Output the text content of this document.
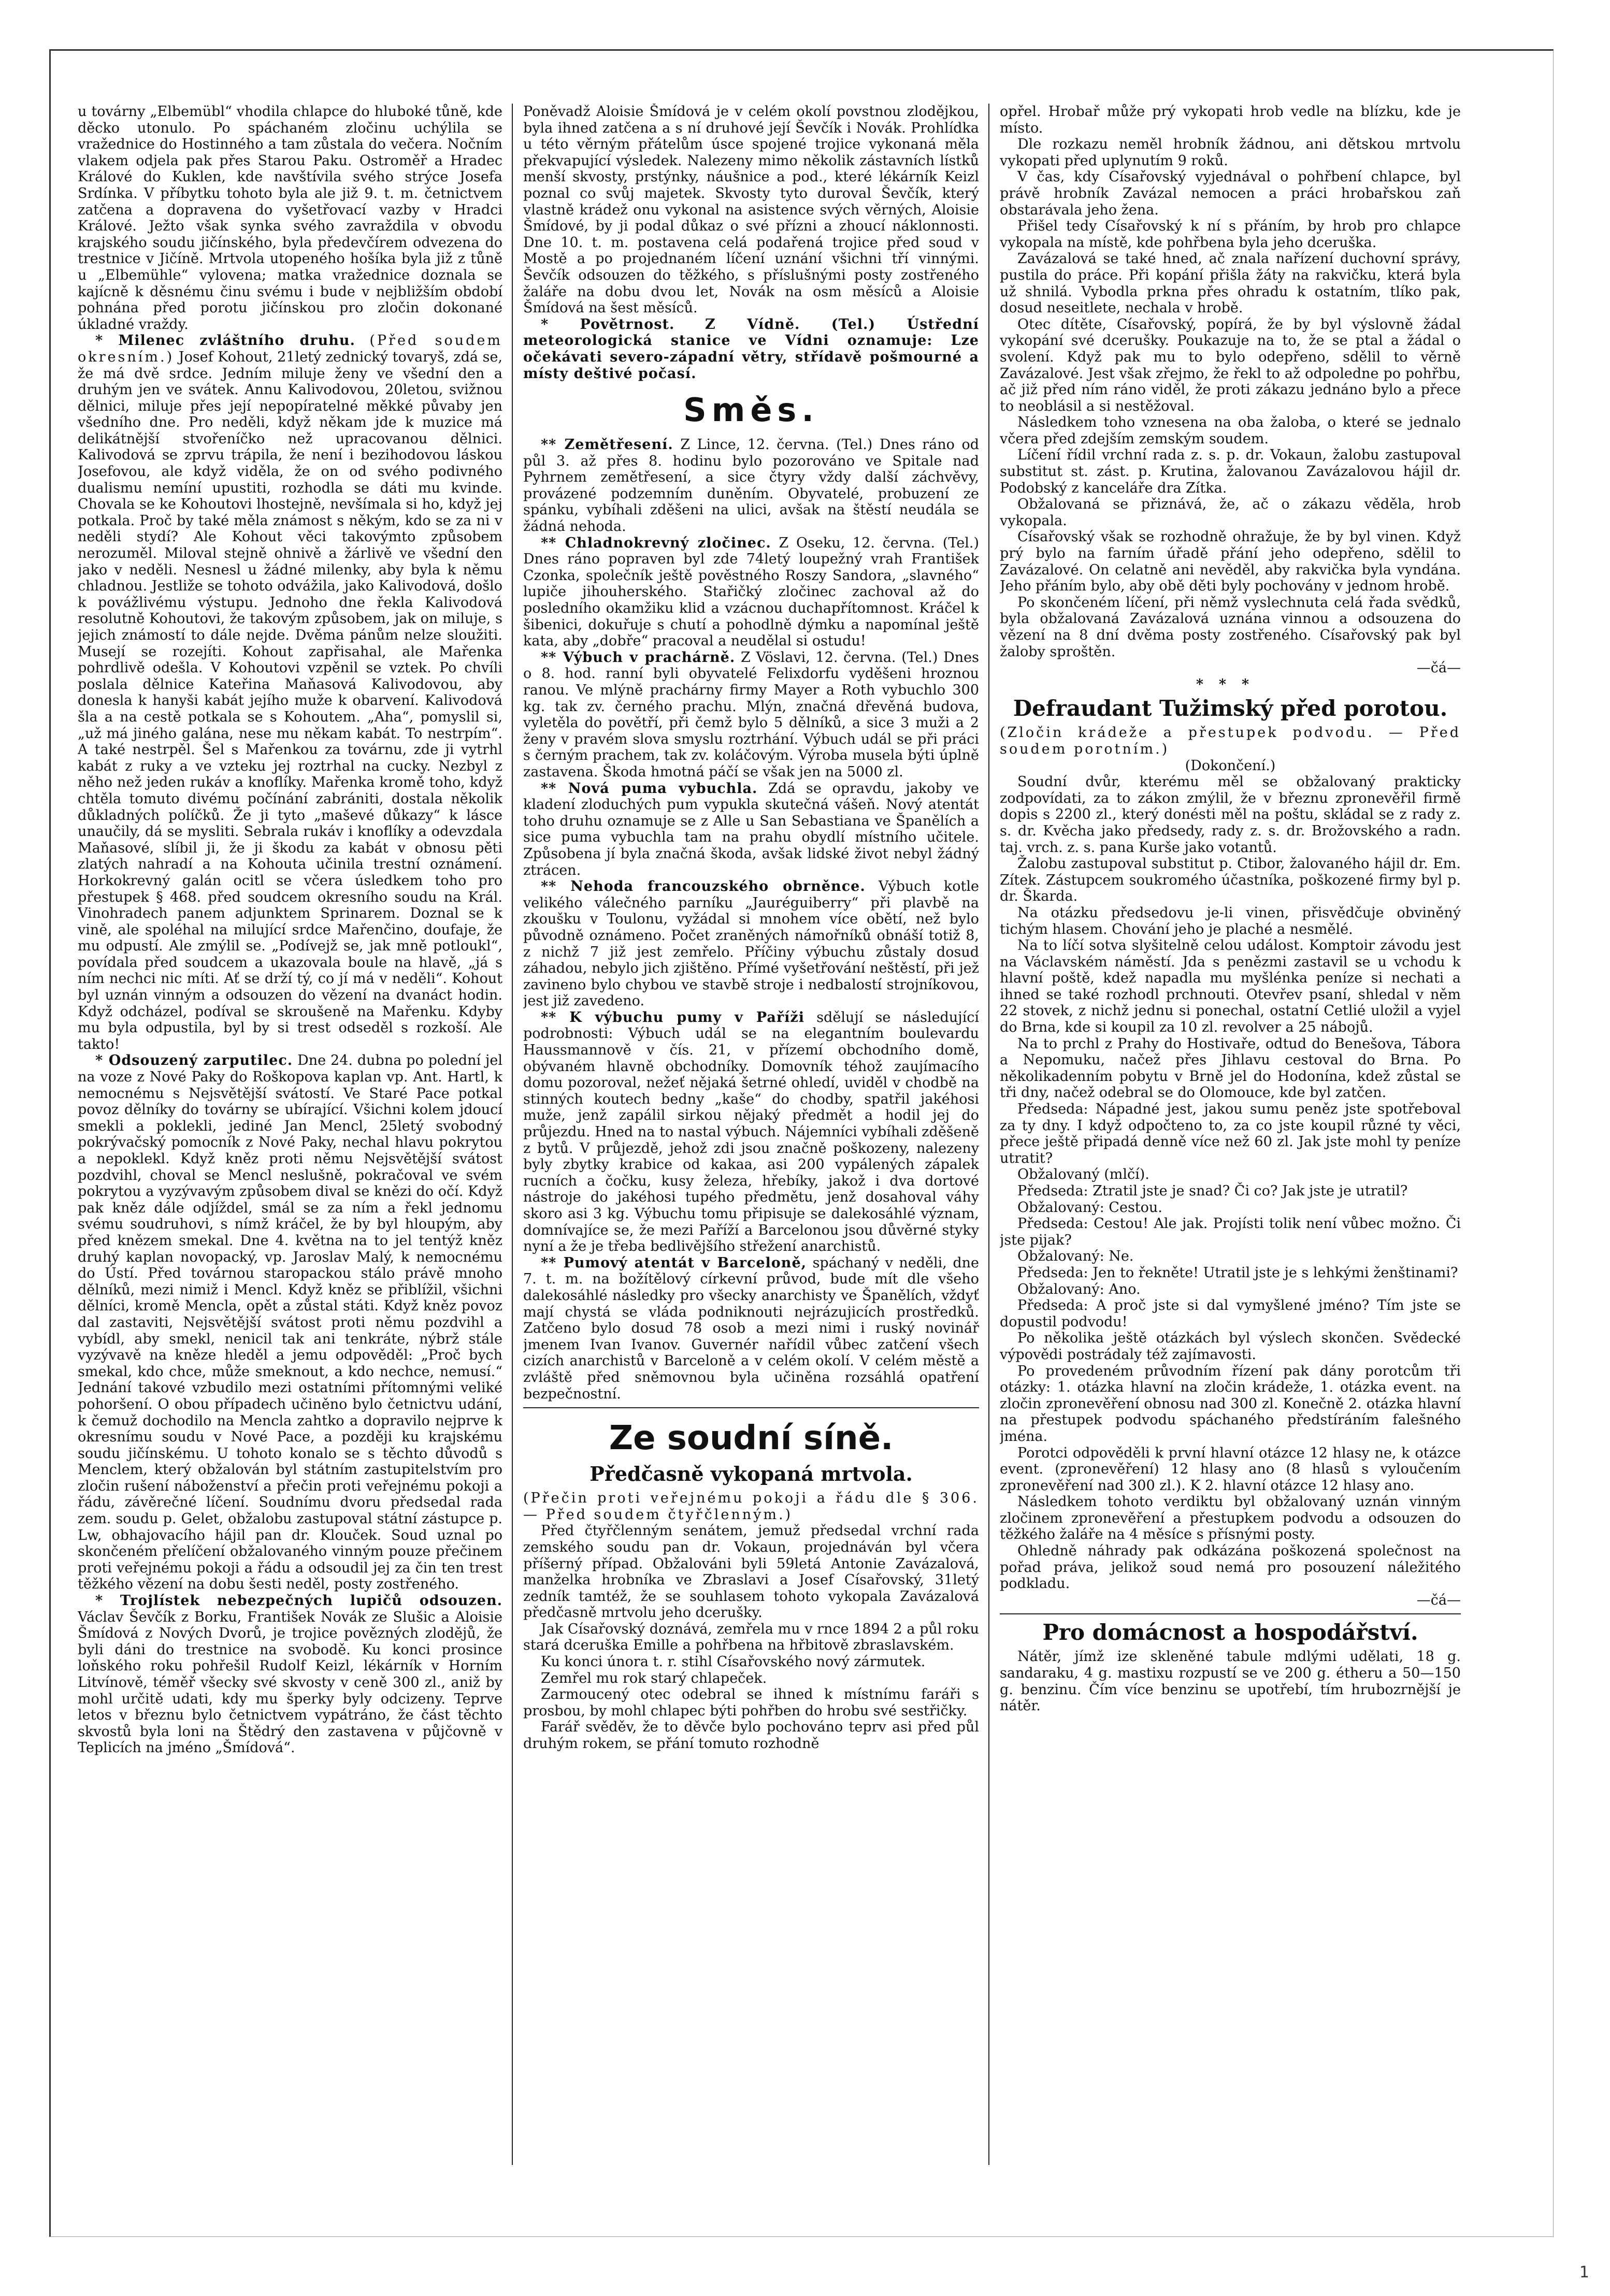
u továrny „Elbemübl“ vhodila chlapce do hluboké tůně, kde děcko utonulo. Po spáchaném zločinu uchýlila se vražednice do Hostinného a tam zůstala do večera. Nočním vlakem odjela pak přes Starou Paku. Ostroměř a Hradec Králové do Kuklen, kde navštívila svého strýce Josefa Srdínka. V příbytku tohoto byla ale již 9. t. m. četnictvem zatčena a dopravena do vyšetřovací vazby v Hradci Králové. Ježto však synka svého zavraždila v obvodu krajského soudu jičínského, byla předevčírem odvezena do trestnice v Jičíně. Mrtvola utopeného hošíka byla již z tůně u „Elbemühle“ vylovena; matka vražednice doznala se kajícně k děsnému činu svému i bude v nejbližším období pohnána před porotu jičínskou pro zločin dokonané úkladné vraždy.

* Milenec zvláštního druhu. (Před soudem okresním.) Josef Kohout, 21letý zednický tovaryš, zdá se, že má dvě srdce. Jedním miluje ženy ve všední den a druhým jen ve svátek. Annu Kalivodovou, 20letou, svižnou dělnici, miluje přes její nepopíratelné měkké půvaby jen všedního dne. Pro neděli, když někam jde k muzice má delikátnější stvořeníčko než upracovanou dělnici. Kalivodová se zprvu trápila, že není i bezihodovou láskou Josefovou, ale když viděla, že on od svého podivného dualismu nemíní upustiti, rozhodla se dáti mu kvinde. Chovala se ke Kohoutovi lhostejně, nevšímala si ho, když jej potkala. Proč by také měla známost s někým, kdo se za ni v neděli stydí? Ale Kohout věci takovýmto způsobem nerozuměl. Miloval stejně ohnivě a žárlivě ve všední den jako v neděli. Nesnesl u žádné milenky, aby byla k němu chladnou. Jestliže se tohoto odvážila, jako Kalivodová, došlo k povážlivému výstupu. Jednoho dne řekla Kalivodová resolutně Kohoutovi, že takovým způsobem, jak on miluje, s jejich známostí to dále nejde. Dvěma pánům nelze sloužiti. Musejí se rozejíti. Kohout zapřisahal, ale Mařenka pohrdlivě odešla. V Kohoutovi vzpěnil se vztek. Po chvíli poslala dělnice Kateřina Maňasová Kalivodovou, aby donesla k hanyši kabát jejího muže k obarvení. Kalivodová šla a na cestě potkala se s Kohoutem. „Aha“, pomyslil si, „už má jiného galána, nese mu někam kabát. To nestrpím“. A také nestrpěl. Šel s Mařenkou za továrnu, zde ji vytrhl kabát z ruky a ve vzteku jej roztrhal na cucky. Nezbyl z něho než jeden rukáv a knoflíky. Mařenka kromě toho, když chtěla tomuto divému počínání zabrániti, dostala několik důkladných políčků. Že ji tyto „maševé důkazy“ k lásce unaučily, dá se mysliti. Sebrala rukáv i knoflíky a odevzdala Maňasové, slíbil ji, že ji škodu za kabát v obnosu pěti zlatých nahradí a na Kohouta učinila trestní oznámení. Horkokrevný galán ocitl se včera úsledkem toho pro přestupek § 468. před soudcem okresního soudu na Král. Vinohradech panem adjunktem Sprinarem. Doznal se k vině, ale spoléhal na milující srdce Mařenčino, doufaje, že mu odpustí. Ale zmýlil se. „Podívejž se, jak mně potloukl“, povídala před soudcem a ukazovala boule na hlavě, „já s ním nechci nic míti. Ať se drží tý, co jí má v neděli“. Kohout byl uznán vinným a odsouzen do vězení na dvanáct hodin. Když odcházel, podíval se skroušeně na Mařenku. Kdyby mu byla odpustila, byl by si trest odseděl s rozkoší. Ale takto!

* Odsouzený zarputilec. Dne 24. dubna po polední jel na voze z Nové Paky do Roškopova kaplan vp. Ant. Hartl, k nemocnému s Nejsvětější svátostí. Ve Staré Pace potkal povoz dělníky do továrny se ubírající. Všichni kolem jdoucí smekli a poklekli, jediné Jan Mencl, 25letý svobodný pokrývačský pomocník z Nové Paky, nechal hlavu pokrytou a nepoklekl. Když kněz proti němu Nejsvětější svátost pozdvihl, choval se Mencl neslušně, pokračoval ve svém pokrytou a vyzývavým způsobem dival se knězi do očí. Když pak kněz dále odjíždel, smál se za ním a řekl jednomu svému soudruhovi, s nímž kráčel, že by byl hloupým, aby před knězem smekal. Dne 4. května na to jel tentýž kněz druhý kaplan novopacký, vp. Jaroslav Malý, k nemocnému do Ústí. Před továrnou staropackou stálo právě mnoho dělníků, mezi nimiž i Mencl. Když kněz se přiblížil, všichni dělníci, kromě Mencla, opět a zůstal státi. Když kněz povoz dal zastaviti, Nejsvětější svátost proti němu pozdvihl a vybídl, aby smekl, nenicil tak ani tenkráte, nýbrž stále vyzývavě na kněze hleděl a jemu odpověděl: „Proč bych smekal, kdo chce, může smeknout, a kdo nechce, nemusí.“ Jednání takové vzbudilo mezi ostatními přítomnými veliké pohoršení. O obou případech učiněno bylo četnictvu udání, k čemuž dochodilo na Mencla zahtko a dopravilo nejprve k okresnímu soudu v Nové Pace, a později ku krajskému soudu jičínskému. U tohoto konalo se s těchto důvodů s Menclem, který obžalován byl státním zastupitelstvím pro zločin rušení náboženství a přečin proti veřejnému pokoji a řádu, závěrečné líčení. Soudnímu dvoru předsedal rada zem. soudu p. Gelet, obžalobu zastupoval státní zástupce p. Lw, obhajovacího hájil pan dr. Klouček. Soud uznal po skončeném přelíčení obžalovaného vinným pouze přečinem proti veřejnému pokoji a řádu a odsoudil jej za čin ten trest těžkého vězení na dobu šesti neděl, posty zostřeného.

* Trojlístek nebezpečných lupičů odsouzen. Václav Ševčík z Borku, František Novák ze Slušic a Aloisie Šmídová z Nových Dvorů, je trojice povězných zlodějů, že byli dáni do trestnice na svobodě. Ku konci prosince loňského roku pohřešil Rudolf Keizl, lékárník v Horním Litvínově, téměř všecky své skvosty v ceně 300 zl., aniž by mohl určitě udati, kdy mu šperky byly odcizeny. Teprve letos v březnu bylo četnictvem vypátráno, že část těchto skvostů byla loni na Štědrý den zastavena v půjčovně v Teplicích na jméno „Šmídová“.

Poněvadž Aloisie Šmídová je v celém okolí povstnou zlodějkou, byla ihned zatčena a s ní druhové její Ševčík i Novák. Prohlídka u této věrným přátelům úsce spojené trojice vykonaná měla překvapující výsledek. Nalezeny mimo několik zástavních lístků menší skvosty, prstýnky, náušnice a pod., které lékárník Keizl poznal co svůj majetek. Skvosty tyto duroval Ševčík, který vlastně krádež onu vykonal na asistence svých věrných, Aloisie Šmídové, by ji podal důkaz o své přízni a zhoucí náklonnosti. Dne 10. t. m. postavena celá podařená trojice před soud v Mostě a po projednaném líčení uznání všichni tří vinnými. Ševčík odsouzen do těžkého, s příslušnými posty zostřeného žaláře na dobu dvou let, Novák na osm měsíců a Aloisie Šmídová na šest měsíců.

* Povětrnost. Z Vídně. (Tel.) Ústřední meteorologická stanice ve Vídni oznamuje: Lze očekávati severo-západní větry, střídavě pošmourné a místy deštivé počasí.

Směs.

** Zemětřesení. Z Lince, 12. června. (Tel.) Dnes ráno od půl 3. až přes 8. hodinu bylo pozorováno ve Spitale nad Pyhrnem zemětřesení, a sice čtyry vždy další záchvěvy, provázené podzemním duněním. Obyvatelé, probuzení ze spánku, vybíhali zděšeni na ulici, avšak na štěstí neudála se žádná nehoda.

** Chladnokrevný zločinec. Z Oseku, 12. června. (Tel.) Dnes ráno popraven byl zde 74letý loupežný vrah František Czonka, společník ještě pověstného Roszy Sandora, „slavného“ lupiče jihouherského. Stařičký zločinec zachoval až do posledního okamžiku klid a vzácnou duchapřítomnost. Kráčel k šibenici, dokuřuje s chutí a pohodlně dýmku a napomínal ještě kata, aby „dobře“ pracoval a neudělal si ostudu!

** Výbuch v prachárně. Z Vöslavi, 12. června. (Tel.) Dnes o 8. hod. ranní byli obyvatelé Felixdorfu vyděšeni hroznou ranou. Ve mlýně prachárny firmy Mayer a Roth vybuchlo 300 kg. tak zv. černého prachu. Mlýn, značná dřevěná budova, vyletěla do povětří, při čemž bylo 5 dělníků, a sice 3 muži a 2 ženy v pravém slova smyslu roztrhání. Výbuch udál se při práci s černým prachem, tak zv. koláčovým. Výroba musela býti úplně zastavena. Škoda hmotná páčí se však jen na 5000 zl.

** Nová puma vybuchla. Zdá se opravdu, jakoby ve kladení zloduchých pum vypukla skutečná vášeň. Nový atentát toho druhu oznamuje se z Alle u San Sebastiana ve Španělích a sice puma vybuchla tam na prahu obydlí místního učitele. Způsobena jí byla značná škoda, avšak lidské život nebyl žádný ztrácen.

** Nehoda francouzského obrněnce. Výbuch kotle velikého válečného parníku „Jauréguiberry“ při plavbě na zkoušku v Toulonu, vyžádal si mnohem více obětí, než bylo původně oznámeno. Počet zraněných námořníků obnáší totiž 8, z nichž 7 již jest zemřelo. Příčiny výbuchu zůstaly dosud záhadou, nebylo jich zjištěno. Přímé vyšetřování neštěstí, při jež zavineno bylo chybou ve stavbě stroje i nedbalostí strojníkovou, jest již zavedeno.

** K výbuchu pumy v Paříži sdělují se následující podrobnosti: Výbuch udál se na elegantním boulevardu Haussmannově v čís. 21, v přízemí obchodního domě, obývaném hlavně obchodníky. Domovník téhož zaujímacího domu pozoroval, nežeť nějaká šetrné ohledí, uviděl v chodbě na stinných koutech bedny „kaše“ do chodby, spatřil jakéhosi muže, jenž zapálil sirkou nějaký předmět a hodil jej do průjezdu. Hned na to nastal výbuch. Nájemníci vybíhali zděšeně z bytů. V průjezdě, jehož zdi jsou značně poškozeny, nalezeny byly zbytky krabice od kakaa, asi 200 vypálených zápalek rucních a čočku, kusy železa, hřebíky, jakož i dva dortové nástroje do jakéhosi tupého předmětu, jenž dosahoval váhy skoro asi 3 kg. Výbuchu tomu připisuje se dalekosáhlé význam, domnívajíce se, že mezi Paříží a Barcelonou jsou důvěrné styky nyní a že je třeba bedlivějšího střežení anarchistů.

** Pumový atentát v Barceloně, spáchaný v neděli, dne 7. t. m. na božítělový církevní průvod, bude mít dle všeho dalekosáhlé následky pro všecky anarchisty ve Španělích, vždyť mají chystá se vláda podniknouti nejrázujicích prostředků. Zatčeno bylo dosud 78 osob a mezi nimi i ruský novinář jmenem Ivan Ivanov. Guvernér nařídil vůbec zatčení všech cizích anarchistů v Barceloně a v celém okolí. V celém městě a zvláště před sněmovnou byla učiněna rozsáhlá opatření bezpečnostní.

Ze soudní síně.
Předčasně vykopaná mrtvola.

(Přečin proti veřejnému pokoji a řádu dle § 306. — Před soudem čtyřčlenným.)

Před čtyřčlenným senátem, jemuž předsedal vrchní rada zemského soudu pan dr. Vokaun, projednáván byl včera příšerný případ. Obžalováni byli 59letá Antonie Zavázalová, manželka hrobníka ve Zbraslavi a Josef Císařovský, 31letý zedník tamtéž, že se souhlasem tohoto vykopala Zavázalová předčasně mrtvolu jeho dcerušky.

Jak Císařovský doznává, zemřela mu v rnce 1894 2 a půl roku stará dceruška Emille a pohřbena na hřbitově zbraslavském.

Ku konci února t. r. stihl Císařovského nový zármutek.

Zemřel mu rok starý chlapeček.

Zarmoucený otec odebral se ihned k místnímu faráři s prosbou, by mohl chlapec býti pohřben do hrobu své sestřičky.

Farář svěděv, že to děvče bylo pochováno teprv asi před půl druhým rokem, se přání tomuto rozhodně

opřel. Hrobař může prý vykopati hrob vedle na blízku, kde je místo.

Dle rozkazu neměl hrobník žádnou, ani dětskou mrtvolu vykopati před uplynutím 9 roků.

V čas, kdy Císařovský vyjednával o pohřbení chlapce, byl právě hrobník Zavázal nemocen a práci hrobařskou zaň obstarávala jeho žena.

Přišel tedy Císařovský k ní s přáním, by hrob pro chlapce vykopala na místě, kde pohřbena byla jeho dceruška.

Zavázalová se také hned, ač znala nařízení duchovní správy, pustila do práce. Při kopání přišla žáty na rakvičku, která byla už shnilá. Vybodla prkna přes ohradu k ostatním, tlíko pak, dosud neseitlete, nechala v hrobě.

Otec dítěte, Císařovský, popírá, že by byl výslovně žádal vykopání své dcerušky. Poukazuje na to, že se ptal a žádal o svolení. Když pak mu to bylo odepřeno, sdělil to věrně Zavázalové. Jest však zřejmo, že řekl to až odpoledne po pohřbu, ač již před ním ráno viděl, že proti zákazu jednáno bylo a přece to neoblásil a si nestěžoval.

Následkem toho vznesena na oba žaloba, o které se jednalo včera před zdejším zemským soudem.

Líčení řídil vrchní rada z. s. p. dr. Vokaun, žalobu zastupoval substitut st. zást. p. Krutina, žalovanou Zavázalovou hájil dr. Podobský z kanceláře dra Zítka.

Obžalovaná se přiznává, že, ač o zákazu věděla, hrob vykopala.

Císařovský však se rozhodně ohražuje, že by byl vinen. Když prý bylo na farním úřadě přání jeho odepřeno, sdělil to Zavázalové. On celatně ani nevěděl, aby rakvička byla vyndána. Jeho přáním bylo, aby obě děti byly pochovány v jednom hrobě.

Po skončeném líčení, při němž vyslechnuta celá řada svědků, byla obžalovaná Zavázalová uznána vinnou a odsouzena do vězení na 8 dní dvěma posty zostřeného. Císařovský pak byl žaloby sproštěn.

—čá—

***

Defraudant Tužimský před porotou.

(Zločin krádeže a přestupek podvodu. — Před soudem porotním.)

(Dokončení.)

Soudní dvůr, kterému měl se obžalovaný prakticky zodpovídati, za to zákon zmýlil, že v březnu zpronevěřil firmě dopis s 2200 zl., který donésti měl na poštu, skládal se z rady z. s. dr. Kvěcha jako předsedy, rady z. s. dr. Brožovského a radn. taj. vrch. z. s. pana Kurše jako votantů.

Žalobu zastupoval substitut p. Ctibor, žalovaného hájil dr. Em. Zítek. Zástupcem soukromého účastníka, poškozené firmy byl p. dr. Škarda.

Na otázku předsedovu je-li vinen, přisvědčuje obviněný tichým hlasem. Chování jeho je plaché a nesmělé.

Na to líčí sotva slyšitelně celou událost. Komptoir závodu jest na Václavském náměstí. Jda s penězmi zastavil se u vchodu k hlavní poště, kdež napadla mu myšlénka peníze si nechati a ihned se také rozhodl prchnouti. Otevřev psaní, shledal v něm 22 stovek, z nichž jednu si ponechal, ostatní Cetlié uložil a vyjel do Brna, kde si koupil za 10 zl. revolver a 25 nábojů.

Na to prchl z Prahy do Hostivaře, odtud do Benešova, Tábora a Nepomuku, načež přes Jihlavu cestoval do Brna. Po několikadenním pobytu v Brně jel do Hodonína, kdež zůstal se tři dny, načež odebral se do Olomouce, kde byl zatčen.

Předseda: Nápadné jest, jakou sumu peněz jste spotřeboval za ty dny. I když odpočteno to, za co jste koupil různé ty věci, přece ještě připadá denně více než 60 zl. Jak jste mohl ty peníze utratit?

Obžalovaný (mlčí).

Předseda: Ztratil jste je snad? Či co? Jak jste je utratil?

Obžalovaný: Cestou.

Předseda: Cestou! Ale jak. Projísti tolik není vůbec možno. Či jste pijak?

Obžalovaný: Ne.

Předseda: Jen to řekněte! Utratil jste je s lehkými ženštinami?

Obžalovaný: Ano.

Předseda: A proč jste si dal vymyšlené jméno? Tím jste se dopustil podvodu!

Po několika ještě otázkách byl výslech skončen. Svědecké výpovědi postrádaly též zajímavosti.

Po provedeném průvodním řízení pak dány porotcům tři otázky: 1. otázka hlavní na zločin krádeže, 1. otázka event. na zločin zpronevěření obnosu nad 300 zl. Konečně 2. otázka hlavní na přestupek podvodu spáchaného předstíráním falešného jména.

Porotci odpověděli k první hlavní otázce 12 hlasy ne, k otázce event. (zpronevěření) 12 hlasy ano (8 hlasů s vyloučením zpronevěření nad 300 zl.). K 2. hlavní otázce 12 hlasy ano.

Následkem tohoto verdiktu byl obžalovaný uznán vinným zločinem zpronevěření a přestupkem podvodu a odsouzen do těžkého žaláře na 4 měsíce s přísnými posty.

Ohledně náhrady pak odkázána poškozená společnost na pořad práva, jelikož soud nemá pro posouzení náležitého podkladu.

—čá—

Pro domácnost a hospodářství.

Nátěr, jímž ize skleněné tabule mdlými udělati, 18 g. sandaraku, 4 g. mastixu rozpustí se ve 200 g. étheru a 50—150 g. benzinu. Čím více benzinu se upotřebí, tím hrubozrnější je nátěr.

1
